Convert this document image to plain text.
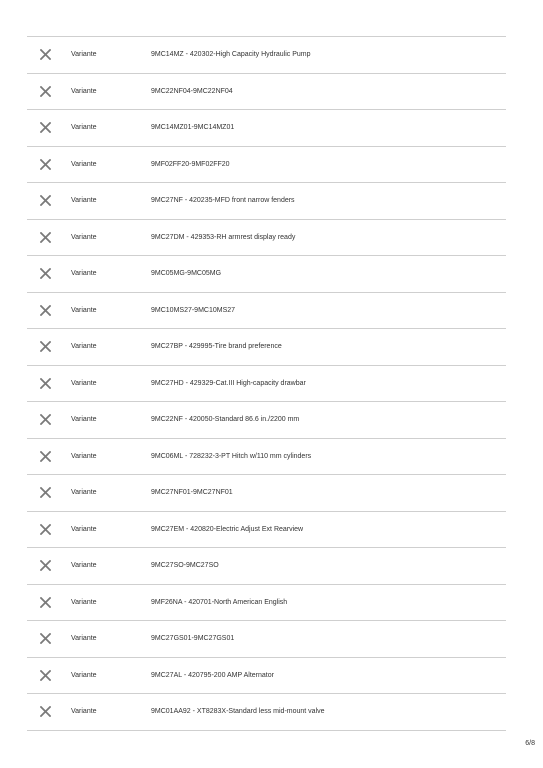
Variante	9MC14MZ - 420302-High Capacity Hydraulic Pump
Variante	9MC22NF04-9MC22NF04
Variante	9MC14MZ01-9MC14MZ01
Variante	9MF02FF20-9MF02FF20
Variante	9MC27NF - 420235-MFD front narrow fenders
Variante	9MC27DM - 429353-RH armrest display ready
Variante	9MC05MG-9MC05MG
Variante	9MC10MS27-9MC10MS27
Variante	9MC27BP - 429995-Tire brand preference
Variante	9MC27HD - 429329-Cat.III High-capacity drawbar
Variante	9MC22NF - 420050-Standard 86.6 in./2200 mm
Variante	9MC06ML - 728232-3-PT Hitch w/110 mm cylinders
Variante	9MC27NF01-9MC27NF01
Variante	9MC27EM - 420820-Electric Adjust Ext Rearview
Variante	9MC27SO-9MC27SO
Variante	9MF26NA - 420701-North American English
Variante	9MC27GS01-9MC27GS01
Variante	9MC27AL - 420795-200 AMP Alternator
Variante	9MC01AA92 - XT8283X-Standard less mid-mount valve
6/8
